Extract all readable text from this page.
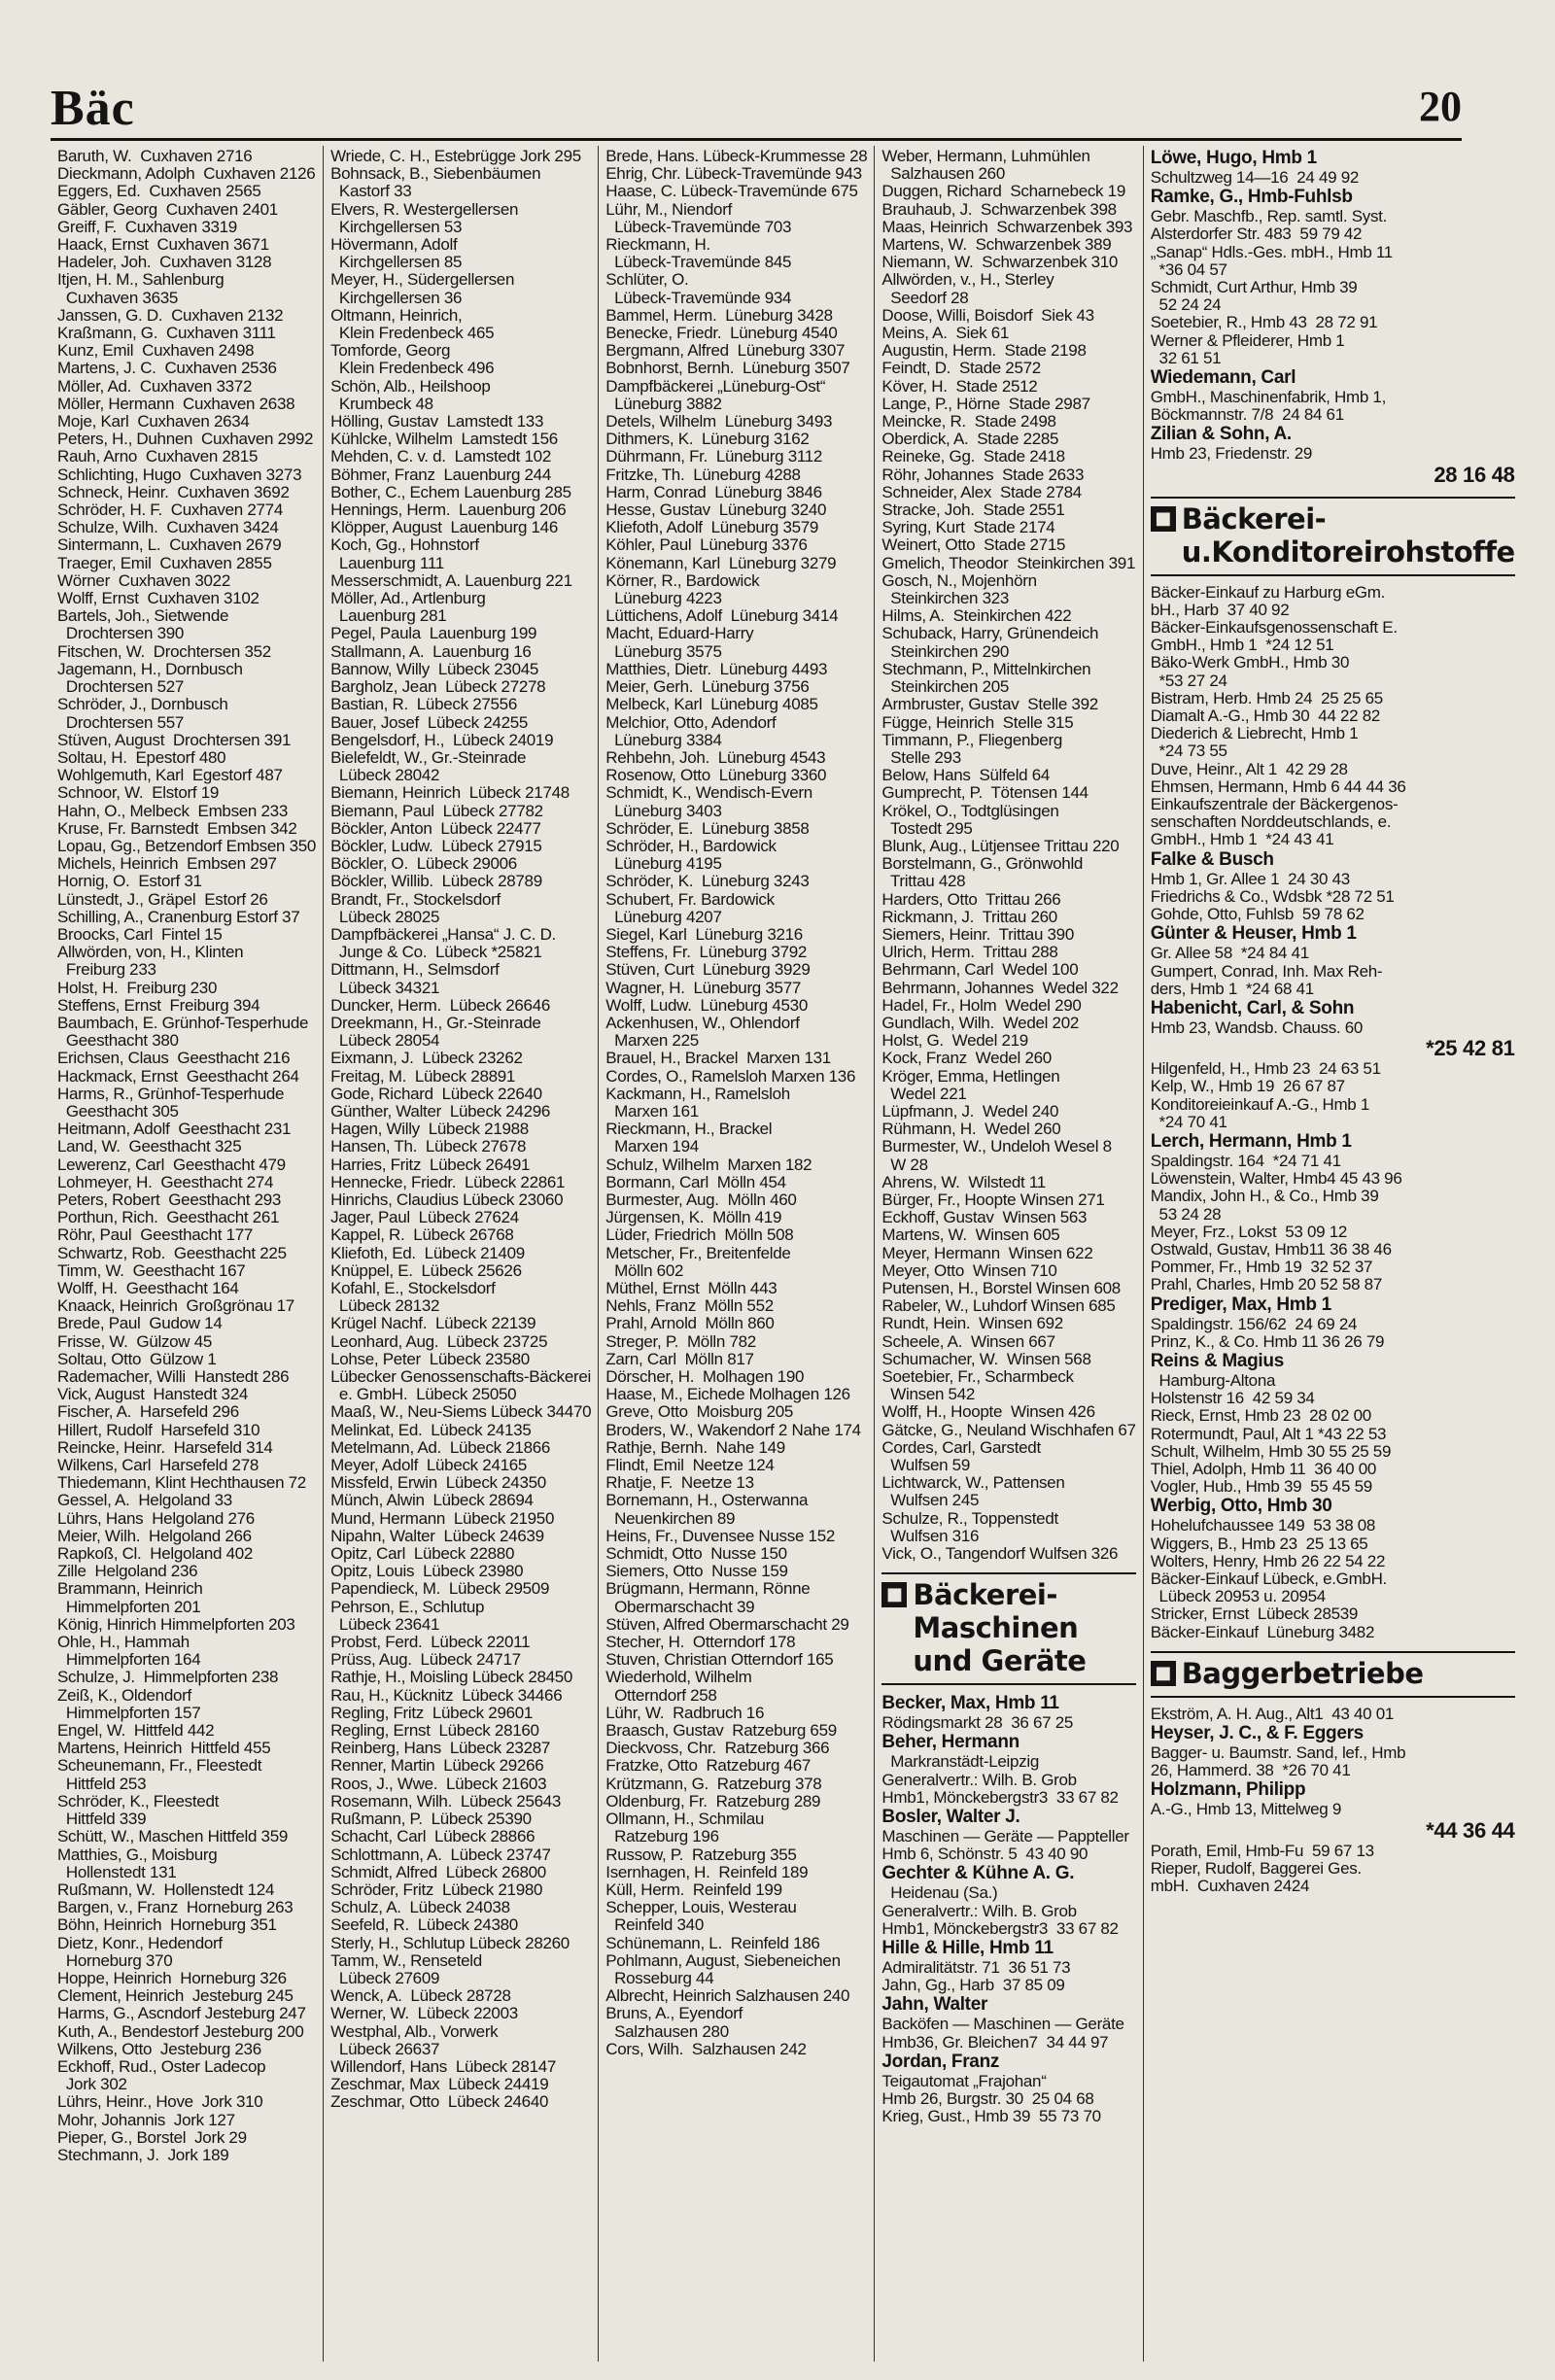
Bäc	20
Baruth, W.  Cuxhaven 2716
Dieckmann, Adolph  Cuxhaven 2126
Eggers, Ed.  Cuxhaven 2565
Gäbler, Georg  Cuxhaven 2401
Greiff, F.  Cuxhaven 3319
Haack, Ernst  Cuxhaven 3671
Hadeler, Joh.  Cuxhaven 3128
Itjen, H. M., Sahlenburg
Cuxhaven 3635
Janssen, G. D.  Cuxhaven 2132
Kraßmann, G.  Cuxhaven 3111
Kunz, Emil  Cuxhaven 2498
Martens, J. C.  Cuxhaven 2536
Möller, Ad.  Cuxhaven 3372
Möller, Hermann  Cuxhaven 2638
Moje, Karl  Cuxhaven 2634
Peters, H., Duhnen  Cuxhaven 2992
Rauh, Arno  Cuxhaven 2815
Schlichting, Hugo  Cuxhaven 3273
Schneck, Heinr.  Cuxhaven 3692
Schröder, H. F.  Cuxhaven 2774
Schulze, Wilh.  Cuxhaven 3424
Sintermann, L.  Cuxhaven 2679
Traeger, Emil  Cuxhaven 2855
Wörner  Cuxhaven 3022
Wolff, Ernst  Cuxhaven 3102
Bartels, Joh., Sietwende
Drochtersen 390
Fitschen, W.  Drochtersen 352
Jagemann, H., Dornbusch
Drochtersen 527
Schröder, J., Dornbusch
Drochtersen 557
Stüven, August  Drochtersen 391
Soltau, H.  Epestorf 480
Wohlgemuth, Karl  Egestorf 487
Schnoor, W.  Elstorf 19
Hahn, O., Melbeck  Embsen 233
Kruse, Fr. Barnstedt  Embsen 342
Lopau, Gg., Betzendorf Embsen 350
Michels, Heinrich  Embsen 297
Hornig, O.  Estorf 31
Lünstedt, J., Gräpel  Estorf 26
Schilling, A., Cranenburg Estorf 37
Broocks, Carl  Fintel 15
Allwörden, von, H., Klinten
Freiburg 233
Holst, H.  Freiburg 230
Steffens, Ernst  Freiburg 394
Baumbach, E. Grünhof-Tesperhude
Geesthacht 380
Erichsen, Claus  Geesthacht 216
Hackmack, Ernst  Geesthacht 264
Harms, R., Grünhof-Tesperhude
Geesthacht 305
Heitmann, Adolf  Geesthacht 231
Land, W.  Geesthacht 325
Lewerenz, Carl  Geesthacht 479
Lohmeyer, H.  Geesthacht 274
Peters, Robert  Geesthacht 293
Porthun, Rich.  Geesthacht 261
Röhr, Paul  Geesthacht 177
Schwartz, Rob.  Geesthacht 225
Timm, W.  Geesthacht 167
Wolff, H.  Geesthacht 164
Knaack, Heinrich  Großgrönau 17
Brede, Paul  Gudow 14
Frisse, W.  Gülzow 45
Soltau, Otto  Gülzow 1
Rademacher, Willi  Hanstedt 286
Vick, August  Hanstedt 324
Fischer, A.  Harsefeld 296
Hillert, Rudolf  Harsefeld 310
Reincke, Heinr.  Harsefeld 314
Wilkens, Carl  Harsefeld 278
Thiedemann, Klint Hechthausen 72
Gessel, A.  Helgoland 33
Lührs, Hans  Helgoland 276
Meier, Wilh.  Helgoland 266
Rapkoß, Cl.  Helgoland 402
Zille  Helgoland 236
Brammann, Heinrich
Himmelpforten 201
König, Hinrich Himmelpforten 203
Ohle, H., Hammah
Himmelpforten 164
Schulze, J.  Himmelpforten 238
Zeiß, K., Oldendorf
Himmelpforten 157
Engel, W.  Hittfeld 442
Martens, Heinrich  Hittfeld 455
Scheunemann, Fr., Fleestedt
Hittfeld 253
Schröder, K., Fleestedt
Hittfeld 339
Schütt, W., Maschen Hittfeld 359
Matthies, G., Moisburg
Hollenstedt 131
Rußmann, W.  Hollenstedt 124
Bargen, v., Franz  Horneburg 263
Böhn, Heinrich  Horneburg 351
Dietz, Konr., Hedendorf
Horneburg 370
Hoppe, Heinrich  Horneburg 326
Clement, Heinrich  Jesteburg 245
Harms, G., Ascndorf Jesteburg 247
Kuth, A., Bendestorf Jesteburg 200
Wilkens, Otto  Jesteburg 236
Eckhoff, Rud., Oster Ladecop
Jork 302
Lührs, Heinr., Hove  Jork 310
Mohr, Johannis  Jork 127
Pieper, G., Borstel  Jork 29
Stechmann, J.  Jork 189
Wriede, C. H., Estebrügge Jork 295
Bohnsack, B., Siebenbäumen
Kastorf 33
Elvers, R. Westergellersen
Kirchgellersen 53
Hövermann, Adolf
Kirchgellersen 85
Meyer, H., Südergellersen
Kirchgellersen 36
Oltmann, Heinrich,
Klein Fredenbeck 465
Tomforde, Georg
Klein Fredenbeck 496
Schön, Alb., Heilshoop
Krumbeck 48
Hölling, Gustav  Lamstedt 133
Kühlcke, Wilhelm  Lamstedt 156
Mehden, C. v. d.  Lamstedt 102
Böhmer, Franz  Lauenburg 244
Bother, C., Echem Lauenburg 285
Hennings, Herm.  Lauenburg 206
Klöpper, August  Lauenburg 146
Koch, Gg., Hohnstorf
Lauenburg 111
Messerschmidt, A. Lauenburg 221
Möller, Ad., Artlenburg
Lauenburg 281
Pegel, Paula  Lauenburg 199
Stallmann, A.  Lauenburg 16
Bannow, Willy  Lübeck 23045
Bargholz, Jean  Lübeck 27278
Bastian, R.  Lübeck 27556
Bauer, Josef  Lübeck 24255
Bengelsdorf, H.,  Lübeck 24019
Bielefeldt, W., Gr.-Steinrade
Lübeck 28042
Biemann, Heinrich  Lübeck 21748
Biemann, Paul  Lübeck 27782
Böckler, Anton  Lübeck 22477
Böckler, Ludw.  Lübeck 27915
Böckler, O.  Lübeck 29006
Böckler, Willib.  Lübeck 28789
Brandt, Fr., Stockelsdorf
Lübeck 28025
Dampfbäckerei „Hansa“ J. C. D.
Junge & Co.  Lübeck *25821
Dittmann, H., Selmsdorf
Lübeck 34321
Duncker, Herm.  Lübeck 26646
Dreekmann, H., Gr.-Steinrade
Lübeck 28054
Eixmann, J.  Lübeck 23262
Freitag, M.  Lübeck 28891
Gode, Richard  Lübeck 22640
Günther, Walter  Lübeck 24296
Hagen, Willy  Lübeck 21988
Hansen, Th.  Lübeck 27678
Harries, Fritz  Lübeck 26491
Hennecke, Friedr.  Lübeck 22861
Hinrichs, Claudius Lübeck 23060
Jager, Paul  Lübeck 27624
Kappel, R.  Lübeck 26768
Kliefoth, Ed.  Lübeck 21409
Knüppel, E.  Lübeck 25626
Kofahl, E., Stockelsdorf
Lübeck 28132
Krügel Nachf.  Lübeck 22139
Leonhard, Aug.  Lübeck 23725
Lohse, Peter  Lübeck 23580
Lübecker Genossenschafts-Bäckerei
e. GmbH.  Lübeck 25050
Maaß, W., Neu-Siems Lübeck 34470
Melinkat, Ed.  Lübeck 24135
Metelmann, Ad.  Lübeck 21866
Meyer, Adolf  Lübeck 24165
Missfeld, Erwin  Lübeck 24350
Münch, Alwin  Lübeck 28694
Mund, Hermann  Lübeck 21950
Nipahn, Walter  Lübeck 24639
Opitz, Carl  Lübeck 22880
Opitz, Louis  Lübeck 23980
Papendieck, M.  Lübeck 29509
Pehrson, E., Schlutup
Lübeck 23641
Probst, Ferd.  Lübeck 22011
Prüss, Aug.  Lübeck 24717
Rathje, H., Moisling Lübeck 28450
Rau, H., Kücknitz  Lübeck 34466
Regling, Fritz  Lübeck 29601
Regling, Ernst  Lübeck 28160
Reinberg, Hans  Lübeck 23287
Renner, Martin  Lübeck 29266
Roos, J., Wwe.  Lübeck 21603
Rosemann, Wilh.  Lübeck 25643
Rußmann, P.  Lübeck 25390
Schacht, Carl  Lübeck 28866
Schlottmann, A.  Lübeck 23747
Schmidt, Alfred  Lübeck 26800
Schröder, Fritz  Lübeck 21980
Schulz, A.  Lübeck 24038
Seefeld, R.  Lübeck 24380
Sterly, H., Schlutup Lübeck 28260
Tamm, W., Renseteld
Lübeck 27609
Wenck, A.  Lübeck 28728
Werner, W.  Lübeck 22003
Westphal, Alb., Vorwerk
Lübeck 26637
Willendorf, Hans  Lübeck 28147
Zeschmar, Max  Lübeck 24419
Zeschmar, Otto  Lübeck 24640
Brede, Hans. Lübeck-Krummesse 28
Ehrig, Chr. Lübeck-Travemünde 943
Haase, C. Lübeck-Travemünde 675
Lühr, M., Niendorf
Lübeck-Travemünde 703
Rieckmann, H.
Lübeck-Travemünde 845
Schlüter, O.
Lübeck-Travemünde 934
Bammel, Herm.  Lüneburg 3428
Benecke, Friedr.  Lüneburg 4540
Bergmann, Alfred  Lüneburg 3307
Bobnhorst, Bernh.  Lüneburg 3507
Dampfbäckerei „Lüneburg-Ost“
Lüneburg 3882
Detels, Wilhelm  Lüneburg 3493
Dithmers, K.  Lüneburg 3162
Dührmann, Fr.  Lüneburg 3112
Fritzke, Th.  Lüneburg 4288
Harm, Conrad  Lüneburg 3846
Hesse, Gustav  Lüneburg 3240
Kliefoth, Adolf  Lüneburg 3579
Köhler, Paul  Lüneburg 3376
Könemann, Karl  Lüneburg 3279
Körner, R., Bardowick
Lüneburg 4223
Lüttichens, Adolf  Lüneburg 3414
Macht, Eduard-Harry
Lüneburg 3575
Matthies, Dietr.  Lüneburg 4493
Meier, Gerh.  Lüneburg 3756
Melbeck, Karl  Lüneburg 4085
Melchior, Otto, Adendorf
Lüneburg 3384
Rehbehn, Joh.  Lüneburg 4543
Rosenow, Otto  Lüneburg 3360
Schmidt, K., Wendisch-Evern
Lüneburg 3403
Schröder, E.  Lüneburg 3858
Schröder, H., Bardowick
Lüneburg 4195
Schröder, K.  Lüneburg 3243
Schubert, Fr. Bardowick
Lüneburg 4207
Siegel, Karl  Lüneburg 3216
Steffens, Fr.  Lüneburg 3792
Stüven, Curt  Lüneburg 3929
Wagner, H.  Lüneburg 3577
Wolff, Ludw.  Lüneburg 4530
Ackenhusen, W., Ohlendorf
Marxen 225
Brauel, H., Brackel  Marxen 131
Cordes, O., Ramelsloh Marxen 136
Kackmann, H., Ramelsloh
Marxen 161
Rieckmann, H., Brackel
Marxen 194
Schulz, Wilhelm  Marxen 182
Bormann, Carl  Mölln 454
Burmester, Aug.  Mölln 460
Jürgensen, K.  Mölln 419
Lüder, Friedrich  Mölln 508
Metscher, Fr., Breitenfelde
Mölln 602
Müthel, Ernst  Mölln 443
Nehls, Franz  Mölln 552
Prahl, Arnold  Mölln 860
Streger, P.  Mölln 782
Zarn, Carl  Mölln 817
Dörscher, H.  Molhagen 190
Haase, M., Eichede Molhagen 126
Greve, Otto  Moisburg 205
Broders, W., Wakendorf 2 Nahe 174
Rathje, Bernh.  Nahe 149
Flindt, Emil  Neetze 124
Rhatje, F.  Neetze 13
Bornemann, H., Osterwanna
Neuenkirchen 89
Heins, Fr., Duvensee Nusse 152
Schmidt, Otto  Nusse 150
Siemers, Otto  Nusse 159
Brügmann, Hermann, Rönne
Obermarschacht 39
Stüven, Alfred Obermarschacht 29
Stecher, H.  Otterndorf 178
Stuven, Christian Otterndorf 165
Wiederhold, Wilhelm
Otterndorf 258
Lühr, W.  Radbruch 16
Braasch, Gustav  Ratzeburg 659
Dieckvoss, Chr.  Ratzeburg 366
Fratzke, Otto  Ratzeburg 467
Krützmann, G.  Ratzeburg 378
Oldenburg, Fr.  Ratzeburg 289
Ollmann, H., Schmilau
Ratzeburg 196
Russow, P.  Ratzeburg 355
Isernhagen, H.  Reinfeld 189
Küll, Herm.  Reinfeld 199
Schepper, Louis, Westerau
Reinfeld 340
Schünemann, L.  Reinfeld 186
Pohlmann, August, Siebeneichen
Rosseburg 44
Albrecht, Heinrich Salzhausen 240
Bruns, A., Eyendorf
Salzhausen 280
Cors, Wilh.  Salzhausen 242
Weber, Hermann, Luhmühlen
Salzhausen 260
Duggen, Richard  Scharnebeck 19
Brauhaub, J.  Schwarzenbek 398
Maas, Heinrich  Schwarzenbek 393
Martens, W.  Schwarzenbek 389
Niemann, W.  Schwarzenbek 310
Allwörden, v., H., Sterley
Seedorf 28
Doose, Willi, Boisdorf  Siek 43
Meins, A.  Siek 61
Augustin, Herm.  Stade 2198
Feindt, D.  Stade 2572
Köver, H.  Stade 2512
Lange, P., Hörne  Stade 2987
Meincke, R.  Stade 2498
Oberdick, A.  Stade 2285
Reineke, Gg.  Stade 2418
Röhr, Johannes  Stade 2633
Schneider, Alex  Stade 2784
Stracke, Joh.  Stade 2551
Syring, Kurt  Stade 2174
Weinert, Otto  Stade 2715
Gmelich, Theodor  Steinkirchen 391
Gosch, N., Mojenhörn
Steinkirchen 323
Hilms, A.  Steinkirchen 422
Schuback, Harry, Grünendeich
Steinkirchen 290
Stechmann, P., Mittelnkirchen
Steinkirchen 205
Armbruster, Gustav  Stelle 392
Függe, Heinrich  Stelle 315
Timmann, P., Fliegenberg
Stelle 293
Below, Hans  Sülfeld 64
Gumprecht, P.  Tötensen 144
Krökel, O., Todtglüsingen
Tostedt 295
Blunk, Aug., Lütjensee Trittau 220
Borstelmann, G., Grönwohld
Trittau 428
Harders, Otto  Trittau 266
Rickmann, J.  Trittau 260
Siemers, Heinr.  Trittau 390
Ulrich, Herm.  Trittau 288
Behrmann, Carl  Wedel 100
Behrmann, Johannes  Wedel 322
Hadel, Fr., Holm  Wedel 290
Gundlach, Wilh.  Wedel 202
Holst, G.  Wedel 219
Kock, Franz  Wedel 260
Kröger, Emma, Hetlingen
Wedel 221
Lüpfmann, J.  Wedel 240
Rühmann, H.  Wedel 260
Burmester, W., Undeloh Wesel 8
W 28
Ahrens, W.  Wilstedt 11
Bürger, Fr., Hoopte Winsen 271
Eckhoff, Gustav  Winsen 563
Martens, W.  Winsen 605
Meyer, Hermann  Winsen 622
Meyer, Otto  Winsen 710
Putensen, H., Borstel Winsen 608
Rabeler, W., Luhdorf Winsen 685
Rundt, Hein.  Winsen 692
Scheele, A.  Winsen 667
Schumacher, W.  Winsen 568
Soetebier, Fr., Scharmbeck
Winsen 542
Wolff, H., Hoopte  Winsen 426
Gätcke, G., Neuland Wischhafen 67
Cordes, Carl, Garstedt
Wulfsen 59
Lichtwarck, W., Pattensen
Wulfsen 245
Schulze, R., Toppenstedt
Wulfsen 316
Vick, O., Tangendorf Wulfsen 326
■ Bäckerei-Maschinen und Geräte
Becker, Max, Hmb 11
Rödingsmarkt 28  36 67 25
Beher, Hermann
Markranstädt-Leipzig
Generalvertr.: Wilh. B. Grob
Hmb1, Mönckebergstr3  33 67 82
Bosler, Walter J.
Maschinen — Geräte — Pappteller
Hmb 6, Schönstr. 5  43 40 90
Gechter & Kühne A. G.
Heidenau (Sa.)
Generalvertr.: Wilh. B. Grob
Hmb1, Mönckebergstr3  33 67 82
Hille & Hille, Hmb 11
Admiralitätstr. 71  36 51 73
Jahn, Gg., Harb  37 85 09
Jahn, Walter
Backöfen — Maschinen — Geräte
Hmb36, Gr. Bleichen7  34 44 97
Jordan, Franz
Teigautomat „Frajohan“
Hmb 26, Burgstr. 30  25 04 68
Krieg, Gust., Hmb 39  55 73 70
Löwe, Hugo, Hmb 1
Schultzweg 14—16  24 49 92
Ramke, G., Hmb-Fuhlsb
Gebr. Maschfb., Rep. samtl. Syst.
Alsterdorfer Str. 483  59 79 42
„Sanap“ Hdls.-Ges. mbH., Hmb 11
*36 04 57
Schmidt, Curt Arthur, Hmb 39
52 24 24
Soetebier, R., Hmb 43  28 72 91
Werner & Pfleiderer, Hmb 1
32 61 51
Wiedemann, Carl
GmbH., Maschinenfabrik, Hmb 1,
Böckmannstr. 7/8  24 84 61
Zilian & Sohn, A.
Hmb 23, Friedenstr. 29
28 16 48
■ Bäckerei-u.Konditoreirohstoffe
Bäcker-Einkauf zu Harburg eGm.
bH., Harb  37 40 92
Bäcker-Einkaufsgenossenschaft E.
GmbH., Hmb 1  *24 12 51
Bäko-Werk GmbH., Hmb 30
*53 27 24
Bistram, Herb. Hmb 24  25 25 65
Diamalt A.-G., Hmb 30  44 22 82
Diederich & Liebrecht, Hmb 1
*24 73 55
Duve, Heinr., Alt 1  42 29 28
Ehmsen, Hermann, Hmb 6 44 44 36
Einkaufszentrale der Bäckergenos-
senschaften Norddeutschlands, e.
GmbH., Hmb 1  *24 43 41
Falke & Busch
Hmb 1, Gr. Allee 1  24 30 43
Friedrichs & Co., Wdsbk *28 72 51
Gohde, Otto, Fuhlsb  59 78 62
Günter & Heuser, Hmb 1
Gr. Allee 58  *24 84 41
Gumpert, Conrad, Inh. Max Reh-
ders, Hmb 1  *24 68 41
Habenicht, Carl, & Sohn
Hmb 23, Wandsb. Chauss. 60
*25 42 81
Hilgenfeld, H., Hmb 23  24 63 51
Kelp, W., Hmb 19  26 67 87
Konditoreieinkauf A.-G., Hmb 1
*24 70 41
Lerch, Hermann, Hmb 1
Spaldingstr. 164  *24 71 41
Löwenstein, Walter, Hmb4 45 43 96
Mandix, John H., & Co., Hmb 39
53 24 28
Meyer, Frz., Lokst  53 09 12
Ostwald, Gustav, Hmb11 36 38 46
Pommer, Fr., Hmb 19  32 52 37
Prahl, Charles, Hmb 20 52 58 87
Prediger, Max, Hmb 1
Spaldingstr. 156/62  24 69 24
Prinz, K., & Co. Hmb 11 36 26 79
Reins & Magius
Hamburg-Altona
Holstenstr 16  42 59 34
Rieck, Ernst, Hmb 23  28 02 00
Rotermundt, Paul, Alt 1 *43 22 53
Schult, Wilhelm, Hmb 30 55 25 59
Thiel, Adolph, Hmb 11  36 40 00
Vogler, Hub., Hmb 39  55 45 59
Werbig, Otto, Hmb 30
Hohelufchaussee 149  53 38 08
Wiggers, B., Hmb 23  25 13 65
Wolters, Henry, Hmb 26 22 54 22
Bäcker-Einkauf Lübeck, e.GmbH.
Lübeck 20953 u. 20954
Stricker, Ernst  Lübeck 28539
Bäcker-Einkauf  Lüneburg 3482
■ Baggerbetriebe
Ekström, A. H. Aug., Alt1  43 40 01
Heyser, J. C., & F. Eggers
Bagger- u. Baumstr. Sand, lef., Hmb
26, Hammerd. 38  *26 70 41
Holzmann, Philipp
A.-G., Hmb 13, Mittelweg 9
*44 36 44
Porath, Emil, Hmb-Fu  59 67 13
Rieper, Rudolf, Baggerei Ges.
mbH.  Cuxhaven 2424
